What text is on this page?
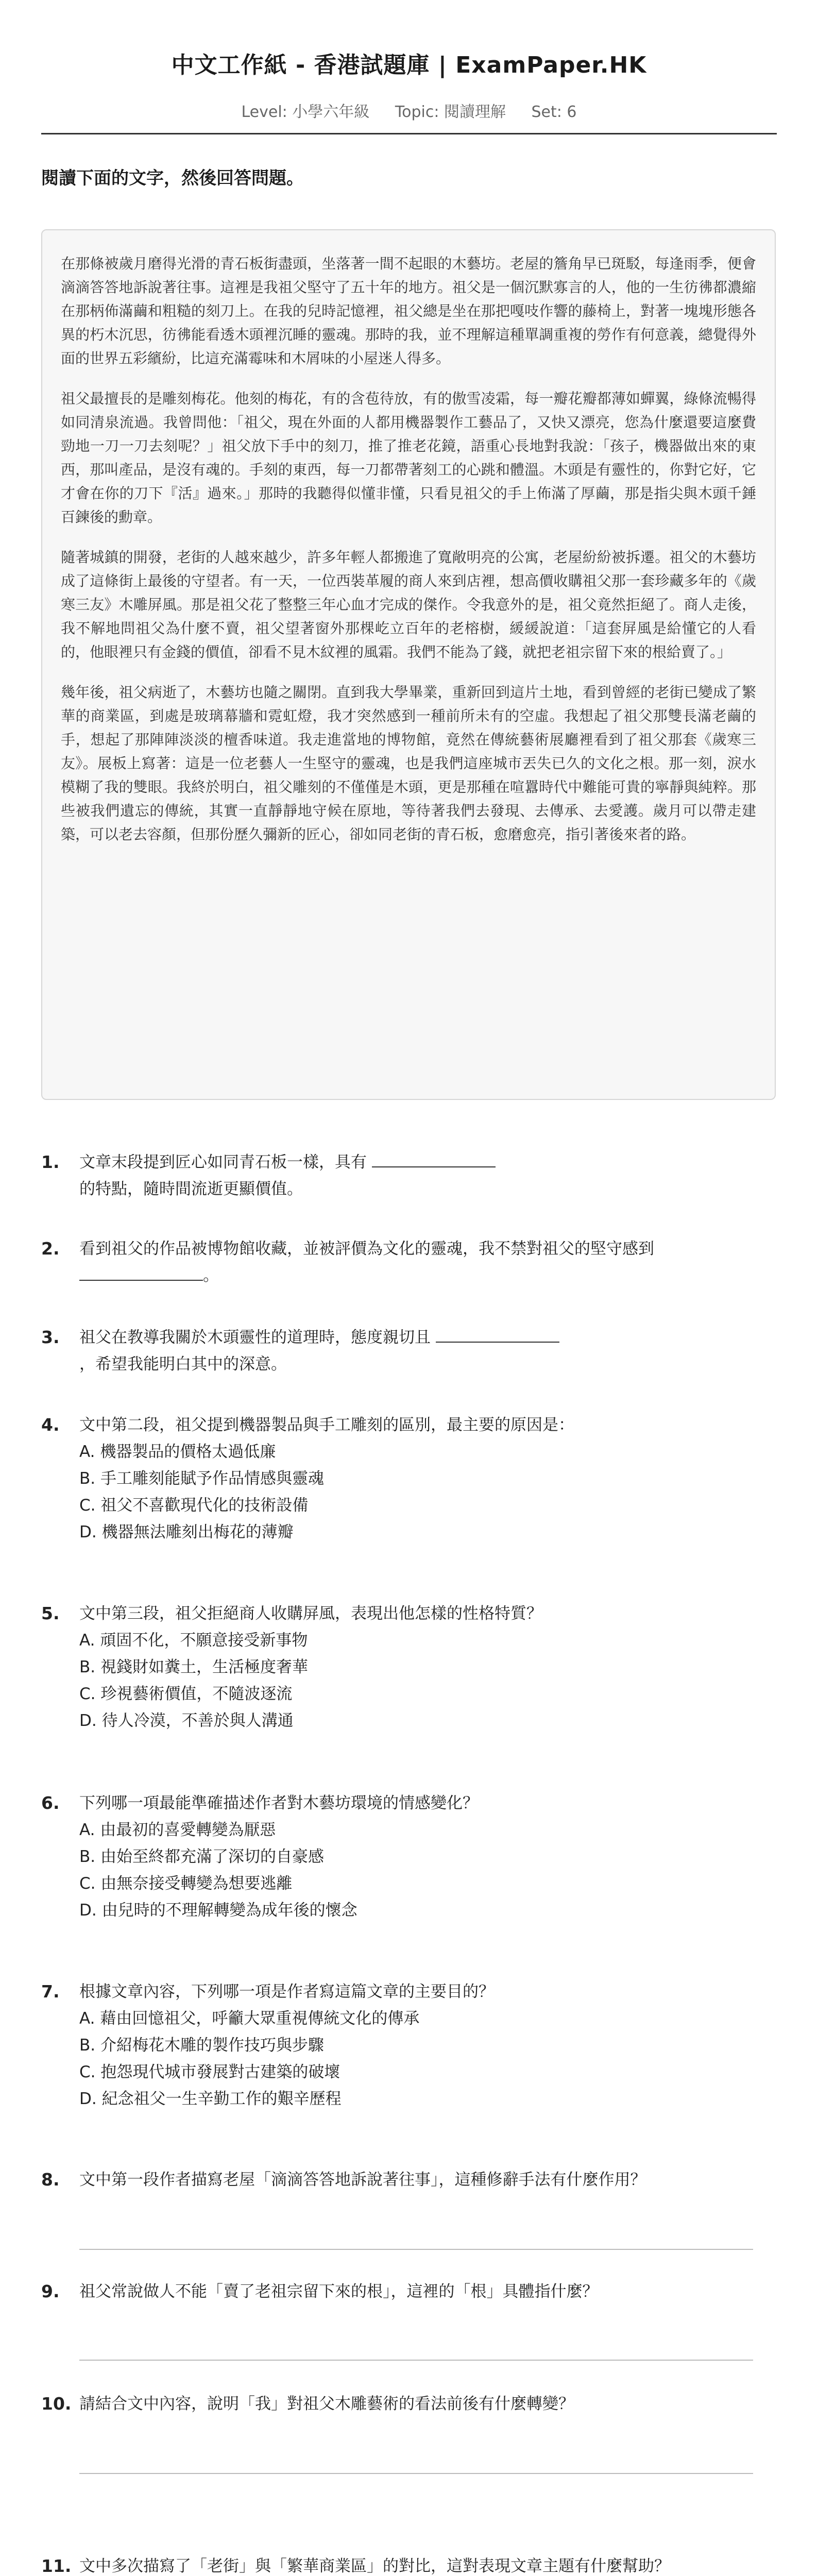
中文工作紙 - 香港試題庫 | ExamPaper.HK
Level: 小學六年級 Topic: 閱讀理解 Set: 6
閱讀下面的文字，然後回答問題。

在那條被歲月磨得光滑的青石板街盡頭，坐落著一間不起眼的木藝坊。老屋的簷角早已斑駁，每逢雨季，便會滴滴答答地訴說著往事。這裡是我祖父堅守了五十年的地方。祖父是一個沉默寡言的人，他的一生彷彿都濃縮在那柄佈滿繭和粗糙的刻刀上。在我的兒時記憶裡，祖父總是坐在那把嘎吱作響的藤椅上，對著一塊塊形態各異的朽木沉思，彷彿能看透木頭裡沉睡的靈魂。那時的我，並不理解這種單調重複的勞作有何意義，總覺得外面的世界五彩繽紛，比這充滿霉味和木屑味的小屋迷人得多。

祖父最擅長的是雕刻梅花。他刻的梅花，有的含苞待放，有的傲雪凌霜，每一瓣花瓣都薄如蟬翼，綠條流暢得如同清泉流過。我曾問他：「祖父，現在外面的人都用機器製作工藝品了，又快又漂亮，您為什麼還要這麼費勁地一刀一刀去刻呢？」祖父放下手中的刻刀，推了推老花鏡，語重心長地對我說：「孩子，機器做出來的東西，那叫產品，是沒有魂的。手刻的東西，每一刀都帶著刻工的心跳和體溫。木頭是有靈性的，你對它好，它才會在你的刀下『活』過來。」那時的我聽得似懂非懂，只看見祖父的手上佈滿了厚繭，那是指尖與木頭千錘百鍊後的勳章。

隨著城鎮的開發，老街的人越來越少，許多年輕人都搬進了寬敞明亮的公寓，老屋紛紛被拆遷。祖父的木藝坊成了這條街上最後的守望者。有一天，一位西裝革履的商人來到店裡，想高價收購祖父那一套珍藏多年的《歲寒三友》木雕屏風。那是祖父花了整整三年心血才完成的傑作。令我意外的是，祖父竟然拒絕了。商人走後，我不解地問祖父為什麼不賣，祖父望著窗外那棵屹立百年的老榕樹，緩緩說道：「這套屏風是給懂它的人看的，他眼裡只有金錢的價值，卻看不見木紋裡的風霜。我們不能為了錢，就把老祖宗留下來的根給賣了。」

幾年後，祖父病逝了，木藝坊也隨之關閉。直到我大學畢業，重新回到這片土地，看到曾經的老街已變成了繁華的商業區，到處是玻璃幕牆和霓虹燈，我才突然感到一種前所未有的空虛。我想起了祖父那雙長滿老繭的手，想起了那陣陣淡淡的檀香味道。我走進當地的博物館，竟然在傳統藝術展廳裡看到了祖父那套《歲寒三友》。展板上寫著：這是一位老藝人一生堅守的靈魂，也是我們這座城市丟失已久的文化之根。那一刻，淚水模糊了我的雙眼。我終於明白，祖父雕刻的不僅僅是木頭，更是那種在喧囂時代中難能可貴的寧靜與純粹。那些被我們遺忘的傳統，其實一直靜靜地守候在原地，等待著我們去發現、去傳承、去愛護。歲月可以帶走建築，可以老去容顏，但那份歷久彌新的匠心，卻如同老街的青石板，愈磨愈亮，指引著後來者的路。

1. 文章末段提到匠心如同青石板一樣，具有
的特點，隨時間流逝更顯價值。
2. 看到祖父的作品被博物館收藏，並被評價為文化的靈魂，我不禁對祖父的堅守感到
。
3. 祖父在教導我關於木頭靈性的道理時，態度親切且
，希望我能明白其中的深意。
4. 文中第二段，祖父提到機器製品與手工雕刻的區別，最主要的原因是：
A. 機器製品的價格太過低廉
B. 手工雕刻能賦予作品情感與靈魂
C. 祖父不喜歡現代化的技術設備
D. 機器無法雕刻出梅花的薄瓣
5. 文中第三段，祖父拒絕商人收購屏風，表現出他怎樣的性格特質？
A. 頑固不化，不願意接受新事物
B. 視錢財如糞土，生活極度奢華
C. 珍視藝術價值，不隨波逐流
D. 待人冷漠，不善於與人溝通
6. 下列哪一項最能準確描述作者對木藝坊環境的情感變化？
A. 由最初的喜愛轉變為厭惡
B. 由始至終都充滿了深切的自豪感
C. 由無奈接受轉變為想要逃離
D. 由兒時的不理解轉變為成年後的懷念
7. 根據文章內容，下列哪一項是作者寫這篇文章的主要目的？
A. 藉由回憶祖父，呼籲大眾重視傳統文化的傳承
B. 介紹梅花木雕的製作技巧與步驟
C. 抱怨現代城市發展對古建築的破壞
D. 紀念祖父一生辛勤工作的艱辛歷程
8. 文中第一段作者描寫老屋「滴滴答答地訴說著往事」，這種修辭手法有什麼作用？
9. 祖父常說做人不能「賣了老祖宗留下來的根」，這裡的「根」具體指什麼？
10. 請結合文中內容，說明「我」對祖父木雕藝術的看法前後有什麼轉變？
11. 文中多次描寫了「老街」與「繁華商業區」的對比，這對表現文章主題有什麼幫助？
